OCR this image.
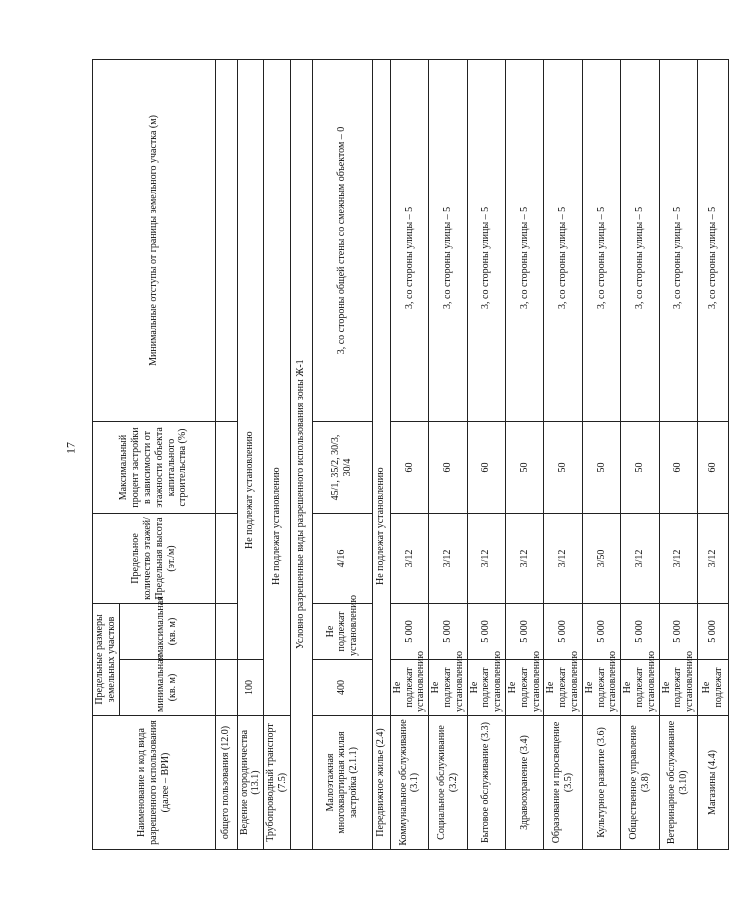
17
Наименование и код вида разрешенного использования (далее – ВРИ)	Предельные размеры земельных участков		Предельное количество этажей/ Предельная высота (эт./м)	Максимальный процент застройки в зависимости от этажности объекта капитального строительства (%)	Минимальные отступы от границы земельного участка (м)
	минимальная (кв. м)	максимальная (кв. м)			
общего пользования (12.0)					
Ведение огородничества (13.1)	100	Не подлежат установлению			
Трубопроводный транспорт (7.5)	Не подлежат установлению				
Условно разрешенные виды разрешенного использования зоны Ж-1					
Малоэтажная многоквартирная жилая застройка (2.1.1)	400	Не подлежат установлению	4/16	45/1, 35/2, 30/3, 30/4	3, со стороны общей стены со смежным объектом – 0
Передвижное жилье (2.4)	Не подлежат установлению				
Коммунальное обслуживание (3.1)	Не подлежат установлению	5 000	3/12	60	3, со стороны улицы – 5
Социальное обслуживание (3.2)	Не подлежат установлению	5 000	3/12	60	3, со стороны улицы – 5
Бытовое обслуживание (3.3)	Не подлежат установлению	5 000	3/12	60	3, со стороны улицы – 5
Здравоохранение (3.4)	Не подлежат установлению	5 000	3/12	50	3, со стороны улицы – 5
Образование и просвещение (3.5)	Не подлежат установлению	5 000	3/12	50	3, со стороны улицы – 5
Культурное развитие (3.6)	Не подлежат установлению	5 000	3/50	50	3, со стороны улицы – 5
Общественное управление (3.8)	Не подлежат установлению	5 000	3/12	50	3, со стороны улицы – 5
Ветеринарное обслуживание (3.10)	Не подлежат установлению	5 000	3/12	60	3, со стороны улицы – 5
Магазины (4.4)	Не подлежат	5 000	3/12	60	3, со стороны улицы – 5
